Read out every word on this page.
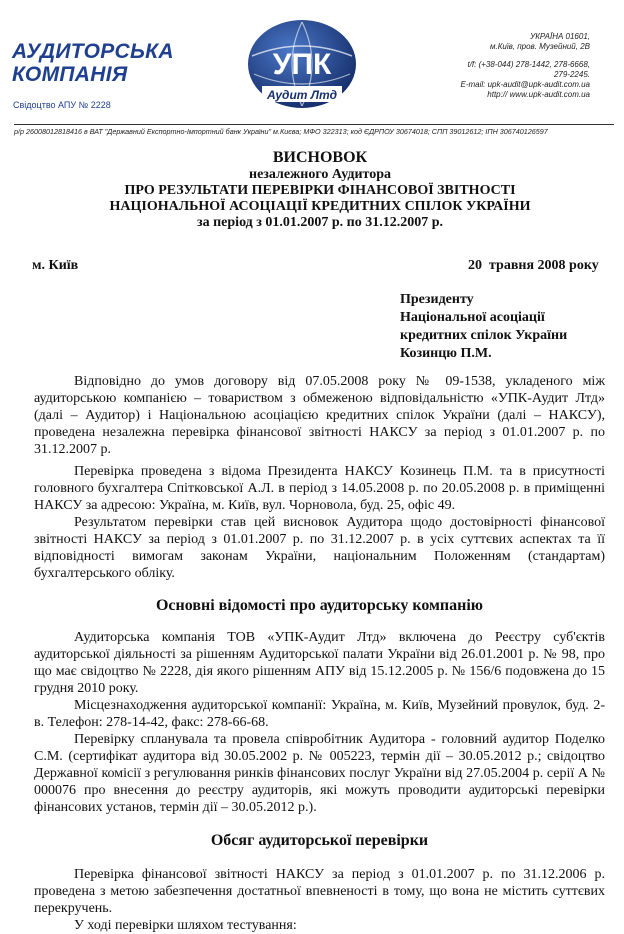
АУДИТОРСЬКА
КОМПАНІЯ
Свідоцтво АПУ № 2228
УПК
Аудит Лтд
УКРАЇНА 01601,
м.Київ, пров. Музейний, 2В
t/f: (+38-044) 278-1442, 278-6668,
279-2245.
E-mail: upk-audit@upk-audit.com.ua
http:// www.upk-audit.com.ua
р/р 26008012818416 в ВАТ "Державний Експортно-Імпортний банк України" м.Києва; МФО 322313; код ЄДРПОУ 30674018; СПП 39012612; ІПН 306740126597
ВИСНОВОК
незалежного Аудитора
ПРО РЕЗУЛЬТАТИ ПЕРЕВІРКИ ФІНАНСОВОЇ ЗВІТНОСТІ
НАЦІОНАЛЬНОЇ АСОЦІАЦІЇ КРЕДИТНИХ СПІЛОК УКРАЇНИ
за період з 01.01.2007 р. по 31.12.2007 р.
м. Київ	20  травня 2008 року
Президенту
Національної асоціації
кредитних спілок України
Козинцю П.М.

Відповідно до умов договору від 07.05.2008 року № 09-1538, укладеного між аудиторською компанією – товариством з обмеженою відповідальністю «УПК-Аудит Лтд» (далі – Аудитор) і Національною асоціацією кредитних спілок України (далі – НАКСУ), проведена незалежна перевірка фінансової звітності НАКСУ за період з 01.01.2007 р. по 31.12.2007 р.

Перевірка проведена з відома Президента НАКСУ Козинець П.М. та в присутності головного бухгалтера Спітковської А.Л. в період з 14.05.2008 р. по 20.05.2008 р. в приміщенні НАКСУ за адресою: Україна, м. Київ, вул. Чорновола, буд. 25, офіс 49.

Результатом перевірки став цей висновок Аудитора щодо достовірності фінансової звітності НАКСУ за період з 01.01.2007 р. по 31.12.2007 р. в усіх суттєвих аспектах та її відповідності вимогам законам України, національним Положенням (стандартам) бухгалтерського обліку.

Основні відомості про аудиторську компанію

Аудиторська компанія ТОВ «УПК-Аудит Лтд» включена до Реєстру суб'єктів аудиторської діяльності за рішенням Аудиторської палати України від 26.01.2001 р. № 98, про що має свідоцтво № 2228, дія якого рішенням АПУ від 15.12.2005 р. № 156/6 подовжена до 15 грудня 2010 року.

Місцезнаходження аудиторської компанії: Україна, м. Київ, Музейний провулок, буд. 2-в. Телефон: 278-14-42, факс: 278-66-68.

Перевірку спланувала та провела співробітник Аудитора - головний аудитор Поделко С.М. (сертифікат аудитора від 30.05.2002 р. № 005223, термін дії – 30.05.2012 р.; свідоцтво Державної комісії з регулювання ринків фінансових послуг України від 27.05.2004 р. серії А № 000076 про внесення до реєстру аудиторів, які можуть проводити аудиторські перевірки фінансових установ, термін дії – 30.05.2012 р.).

Обсяг аудиторської перевірки

Перевірка фінансової звітності НАКСУ за період з 01.01.2007 р. по 31.12.2006 р. проведена з метою забезпечення достатньої впевненості в тому, що вона не містить суттєвих перекручень.

У ході перевірки шляхом тестування:
